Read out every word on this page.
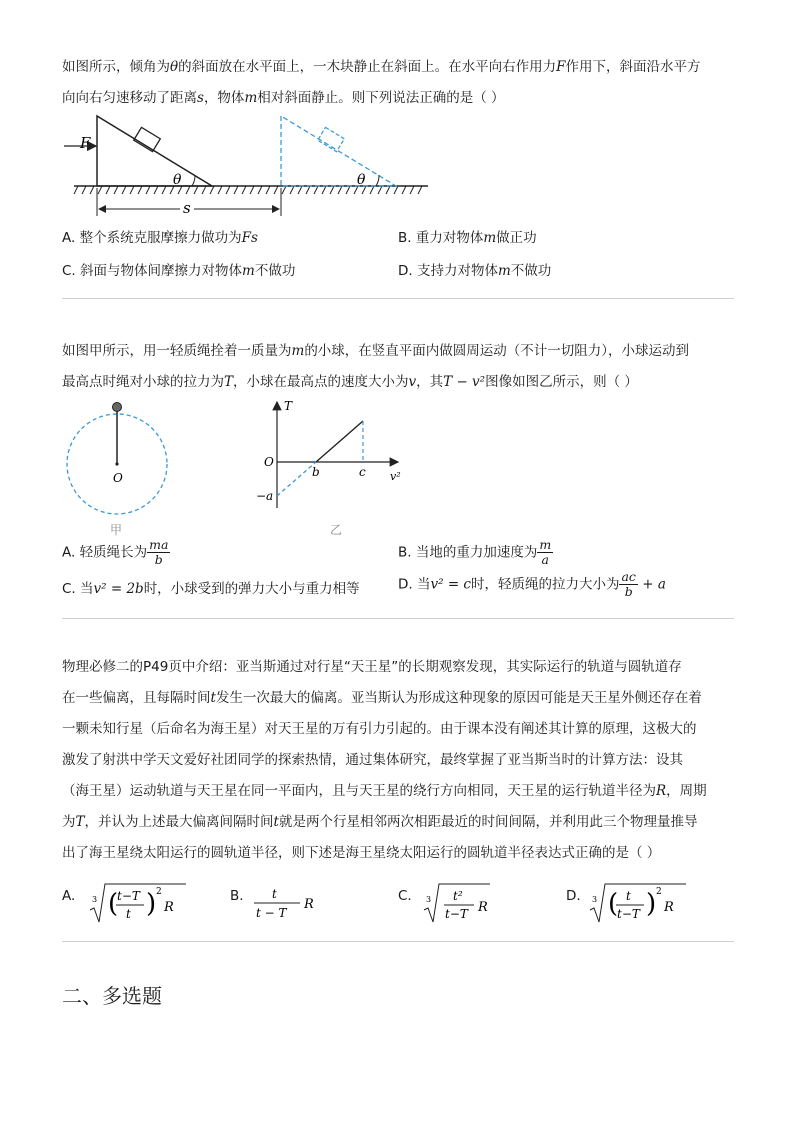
如图所示，倾角为θ的斜面放在水平面上，一木块静止在斜面上。在水平向右作用力F作用下，斜面沿水平方
向向右匀速移动了距离s，物体m相对斜面静止。则下列说法正确的是（ ）
F
θ	θ
s
A. 整个系统克服摩擦力做功为Fs	B. 重力对物体m做正功
C. 斜面与物体间摩擦力对物体m不做功	D. 支持力对物体m不做功
如图甲所示，用一轻质绳拴着一质量为m的小球，在竖直平面内做圆周运动（不计一切阻力），小球运动到
最高点时绳对小球的拉力为T，小球在最高点的速度大小为v，其T − v²图像如图乙所示，则（ ）
O
甲
T
O
b	c v²
−a
乙
A. 轻质绳长为 $\frac{ma}{b}$	B. 当地的重力加速度为 $\frac{m}{a}$
C. 当v² = 2b时，小球受到的弹力大小与重力相等	D. 当v² = c时，轻质绳的拉力大小为 $\frac{ac}{b} + a$
物理必修二的P49页中介绍：亚当斯通过对行星“天王星”的长期观察发现，其实际运行的轨道与圆轨道存
在一些偏离，且每隔时间t发生一次最大的偏离。亚当斯认为形成这种现象的原因可能是天王星外侧还存在着
一颗未知行星（后命名为海王星）对天王星的万有引力引起的。由于课本没有阐述其计算的原理，这极大的
激发了射洪中学天文爱好社团同学的探索热情，通过集体研究，最终掌握了亚当斯当时的计算方法：设其
（海王星）运动轨道与天王星在同一平面内，且与天王星的绕行方向相同，天王星的运行轨道半径为R，周期
为T，并认为上述最大偏离间隔时间t就是两个行星相邻两次相距最近的时间间隔，并利用此三个物理量推导
出了海王星绕太阳运行的圆轨道半径，则下述是海王星绕太阳运行的圆轨道半径表达式正确的是（ ）
A. 3 (
t−T
t ) 2
R
B. t
t − T
R
C. 3 t²
t−T R
D. 3 ( t
t−T ) 2
R
二、多选题
